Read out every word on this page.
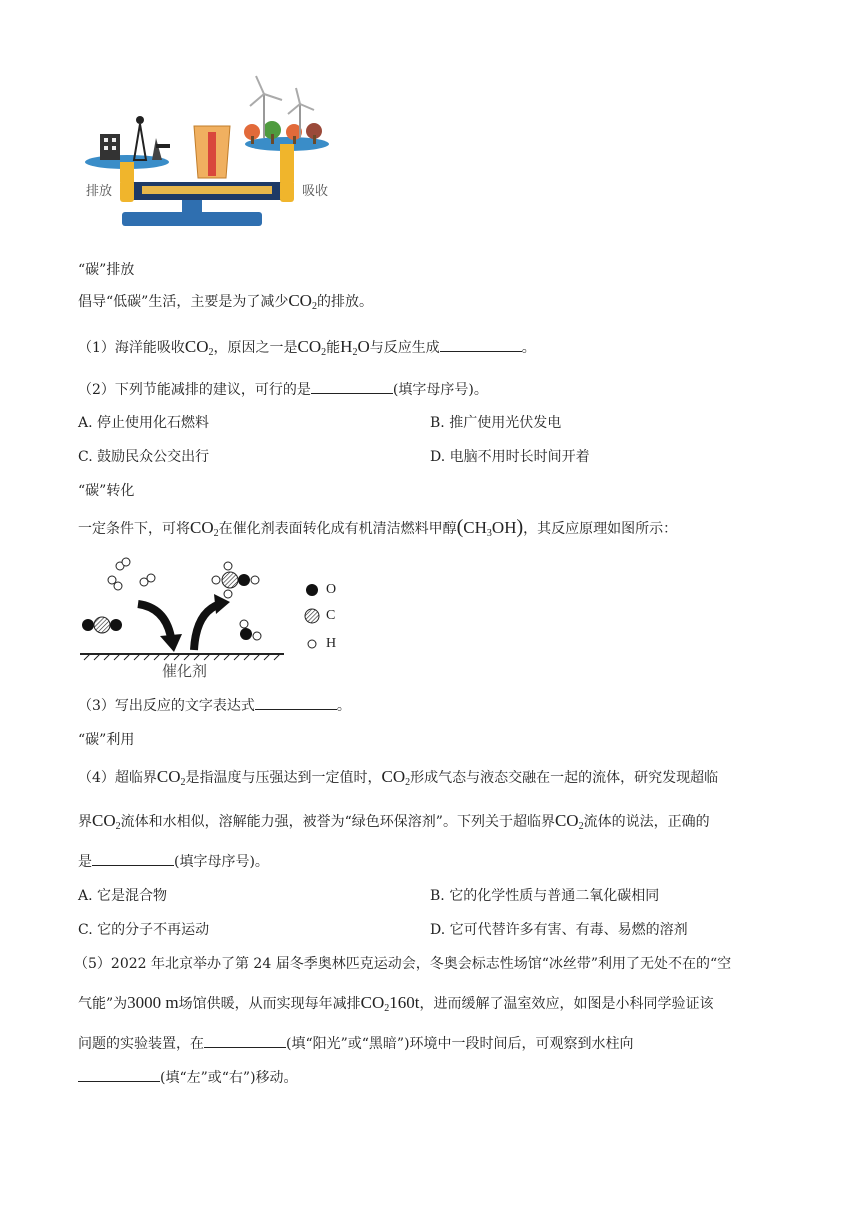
排放	吸收
“碳”排放
倡导“低碳”生活，主要是为了减少$CO_2$的排放。
（1）海洋能吸收$CO_2$，原因之一是$CO_2$能$H_2O$与反应生成	。
（2）下列节能减排的建议，可行的是	(填字母序号)。
A. 停止使用化石燃料	B. 推广使用光伏发电
C. 鼓励民众公交出行	D. 电脑不用时长时间开着
“碳”转化
一定条件下，可将$CO_2$在催化剂表面转化成有机清洁燃料甲醇$(CH_3OH)$，其反应原理如图所示：
O
C
H
催化剂
（3）写出反应的文字表达式	。
“碳”利用
（4）超临界$CO_2$是指温度与压强达到一定值时，$CO_2$形成气态与液态交融在一起的流体，研究发现超临
界$CO_2$流体和水相似，溶解能力强，被誉为“绿色环保溶剂”。下列关于超临界$CO_2$流体的说法，正确的
是	(填字母序号)。
A. 它是混合物	B. 它的化学性质与普通二氧化碳相同
C. 它的分子不再运动	D. 它可代替许多有害、有毒、易燃的溶剂
（5）2022 年北京举办了第 24 届冬季奥林匹克运动会，冬奥会标志性场馆“冰丝带”利用了无处不在的“空
气能”为3000 m场馆供暖，从而实现每年减排$CO_2160t$，进而缓解了温室效应，如图是小科同学验证该
问题的实验装置，在	(填“阳光”或“黑暗”)环境中一段时间后，可观察到水柱向
(填“左”或“右”)移动。
